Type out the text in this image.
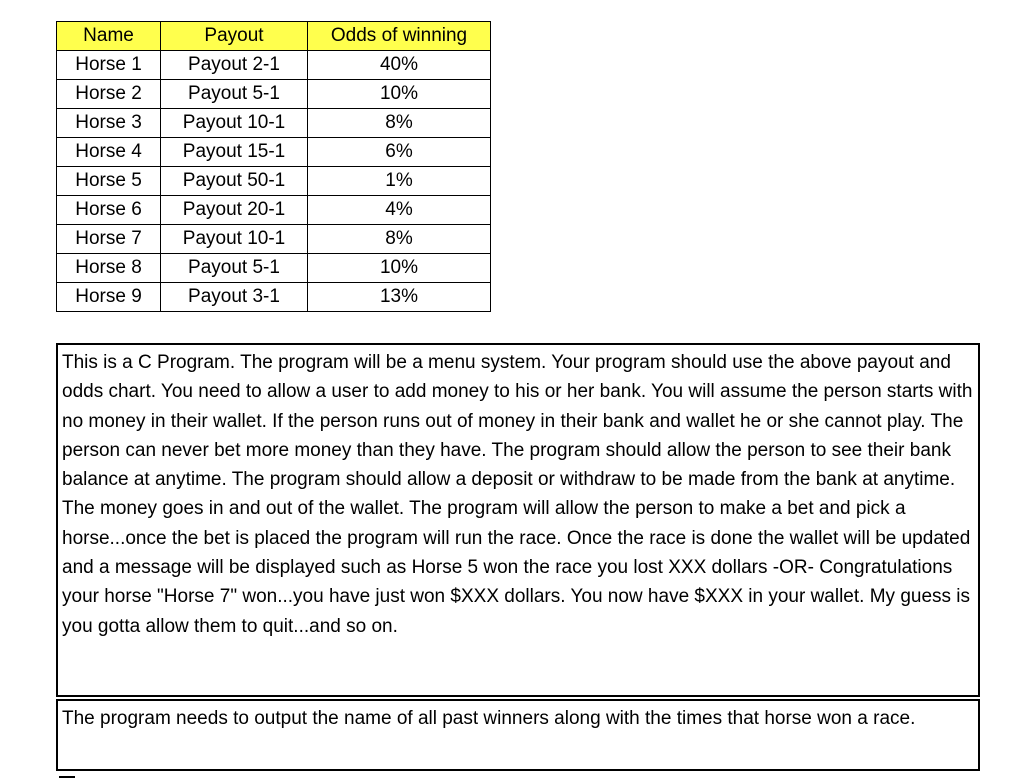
Name	Payout	Odds of winning
Horse 1	Payout 2-1	40%
Horse 2	Payout 5-1	10%
Horse 3	Payout 10-1	8%
Horse 4	Payout 15-1	6%
Horse 5	Payout 50-1	1%
Horse 6	Payout 20-1	4%
Horse 7	Payout 10-1	8%
Horse 8	Payout 5-1	10%
Horse 9	Payout 3-1	13%
This is a C Program. The program will be a menu system. Your program should use the above payout and odds chart. You need to allow a user to add money to his or her bank. You will assume the person starts with no money in their wallet. If the person runs out of money in their bank and wallet he or she cannot play. The person can never bet more money than they have. The program should allow the person to see their bank balance at anytime. The program should allow a deposit or withdraw to be made from the bank at anytime. The money goes in and out of the wallet. The program will allow the person to make a bet and pick a horse...once the bet is placed the program will run the race. Once the race is done the wallet will be updated and a message will be displayed such as Horse 5 won the race you lost XXX dollars -OR- Congratulations your horse "Horse 7" won...you have just won $XXX dollars. You now have $XXX in your wallet. My guess is you gotta allow them to quit...and so on.
The program needs to output the name of all past winners along with the times that horse won a race.
